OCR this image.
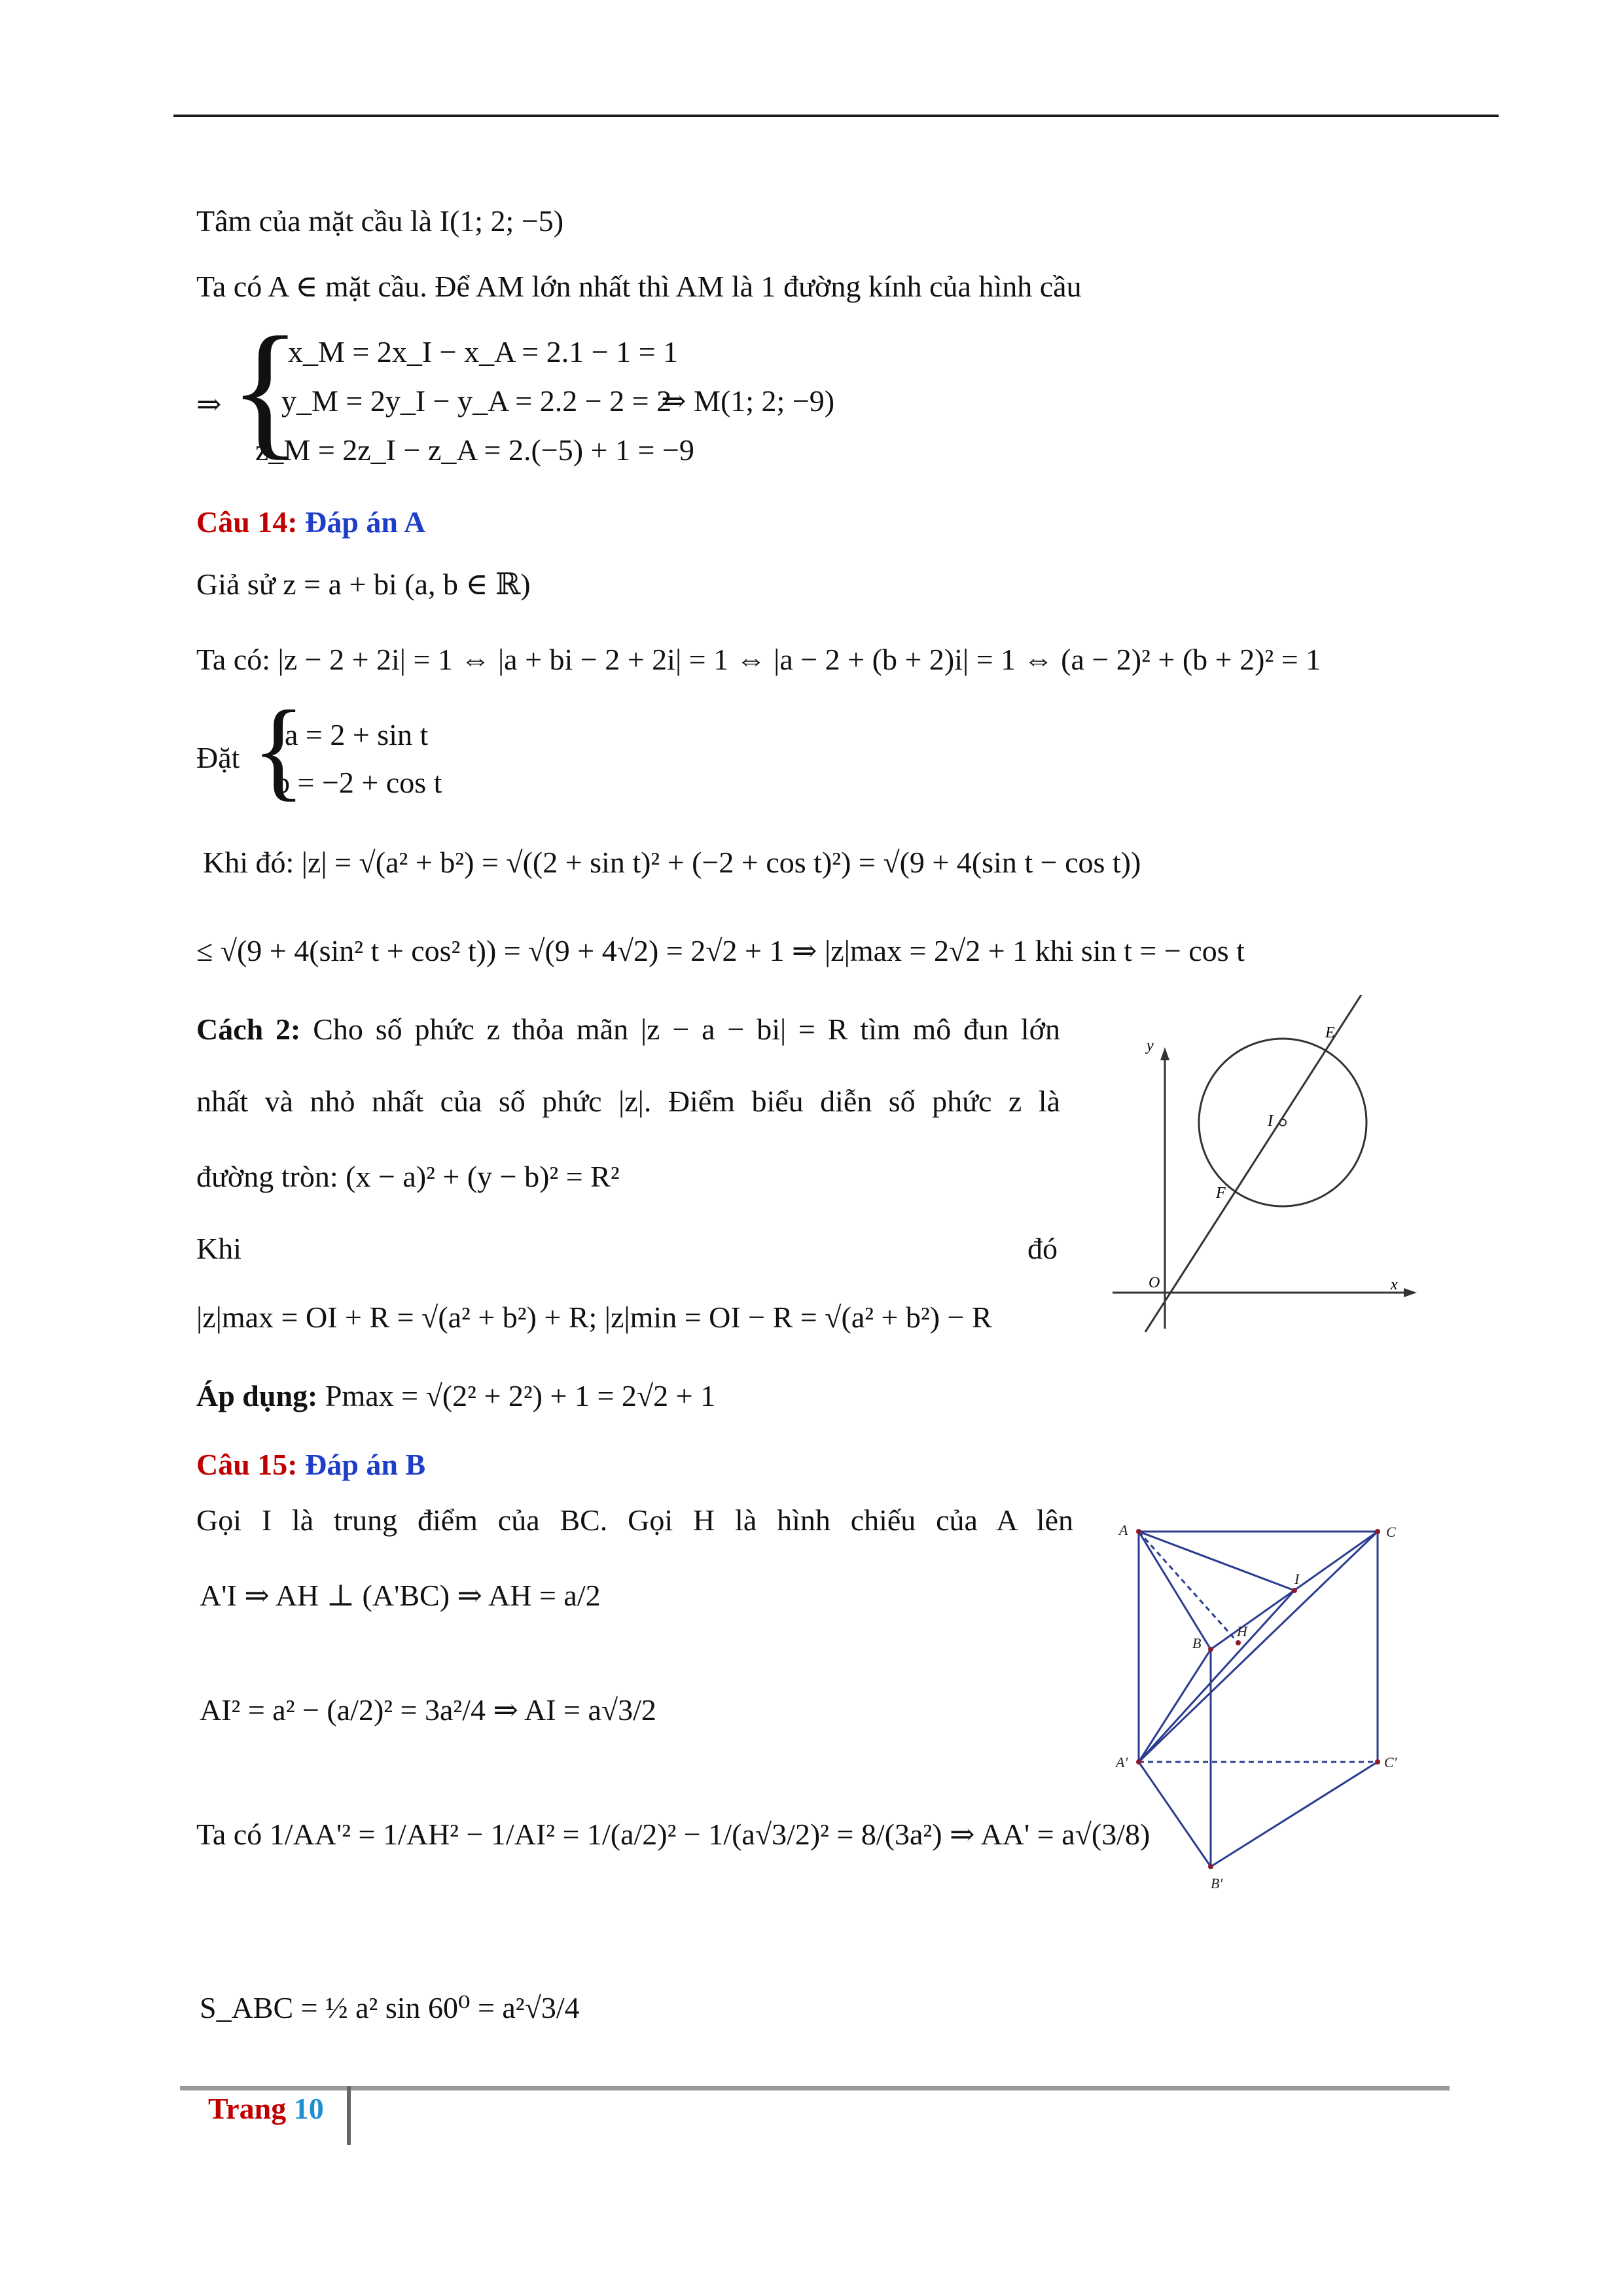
Tâm của mặt cầu là I(1; 2; −5)
Ta có A ∈ mặt cầu. Để AM lớn nhất thì AM là 1 đường kính của hình cầu
⇒ {
x_M = 2x_I − x_A = 2.1 − 1 = 1
y_M = 2y_I − y_A = 2.2 − 2 = 2
⇒ M(1; 2; −9)
z_M = 2z_I − z_A = 2.(−5) + 1 = −9
Câu 14: Đáp án A
Giả sử z = a + bi (a, b ∈ ℝ)
Ta có: |z − 2 + 2i| = 1 ⇔ |a + bi − 2 + 2i| = 1 ⇔ |a − 2 + (b + 2)i| = 1 ⇔ (a − 2)² + (b + 2)² = 1
Đặt {
a = 2 + sin t
b = −2 + cos t
Khi đó: |z| = √(a² + b²) = √((2 + sin t)² + (−2 + cos t)²) = √(9 + 4(sin t − cos t))
≤ √(9 + 4(sin² t + cos² t)) = √(9 + 4√2) = 2√2 + 1 ⇒ |z|max = 2√2 + 1 khi sin t = − cos t
Cách 2: Cho số phức z thỏa mãn |z − a − bi| = R tìm mô đun lớn
nhất và nhỏ nhất của số phức |z|. Điểm biểu diễn số phức z là
đường tròn: (x − a)² + (y − b)² = R²
Khi	đó
|z|max = OI + R = √(a² + b²) + R; |z|min = OI − R = √(a² + b²) − R
Áp dụng: Pmax = √(2² + 2²) + 1 = 2√2 + 1
y
x
O
I
E
F
Câu 15: Đáp án B
Gọi I là trung điểm của BC. Gọi H là hình chiếu của A lên
A'I ⇒ AH ⊥ (A'BC) ⇒ AH = a/2
AI² = a² − (a/2)² = 3a²/4 ⇒ AI = a√3/2
Ta có 1/AA'² = 1/AH² − 1/AI² = 1/(a/2)² − 1/(a√3/2)² = 8/(3a²) ⇒ AA' = a√(3/8)
S_ABC = ½ a² sin 60⁰ = a²√3/4
A	C
I
B
H
A'	C'
B'
Trang 10
